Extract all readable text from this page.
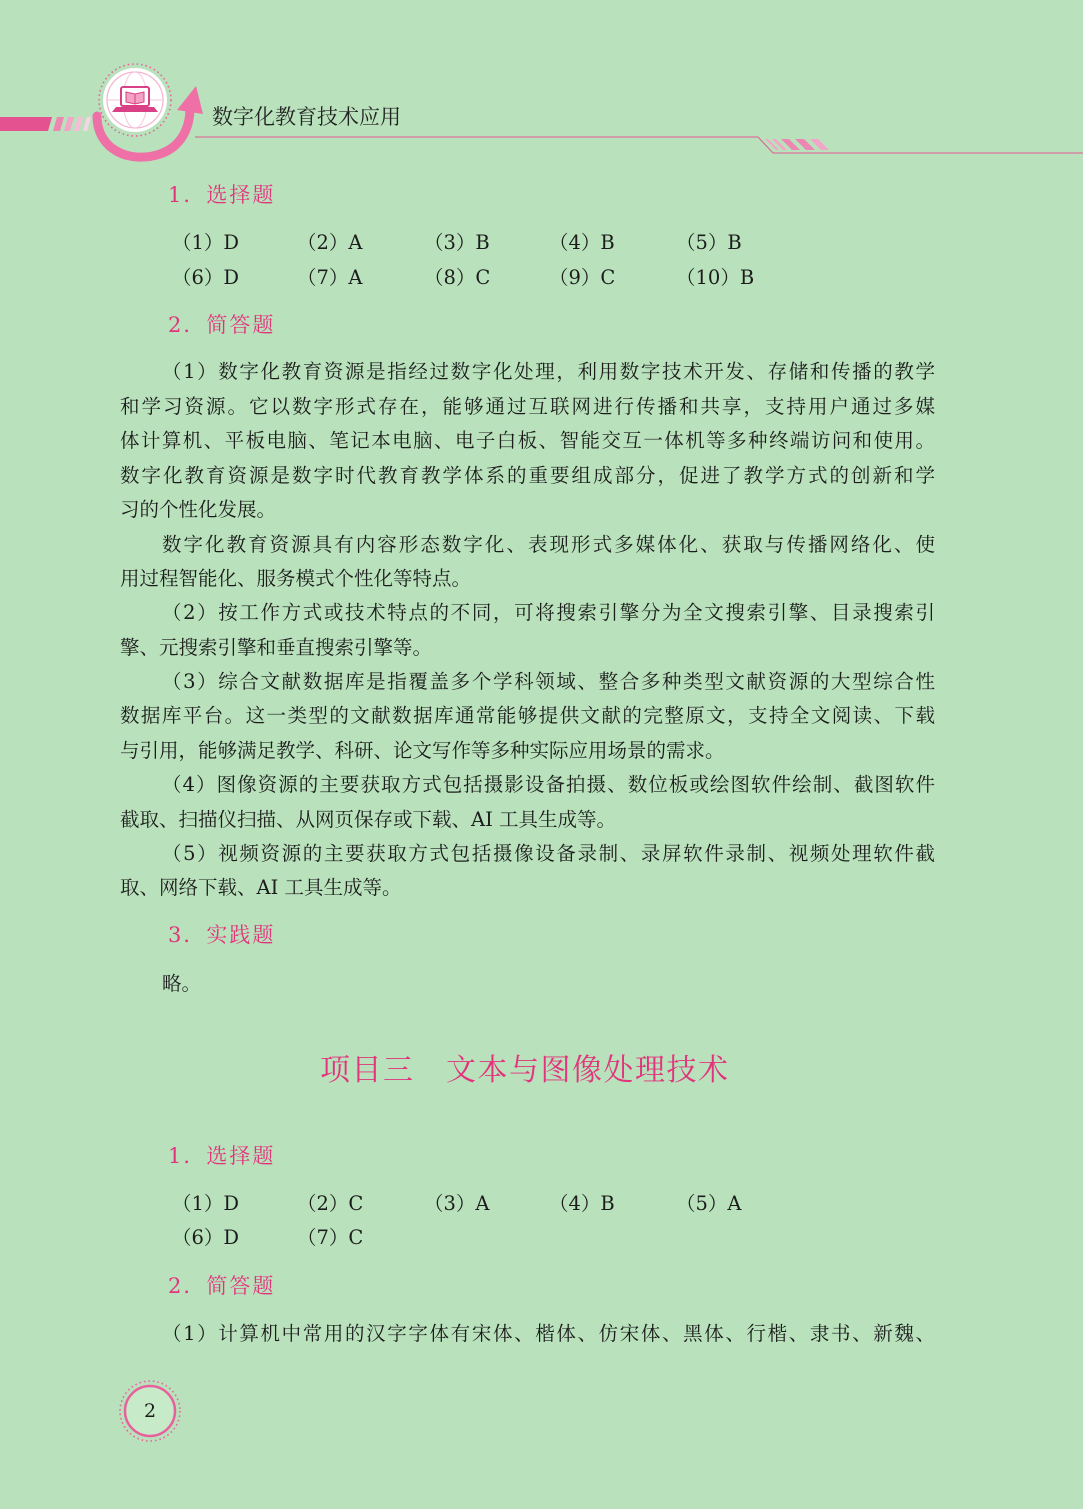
数字化教育技术应用
1．选择题
（1）D	（2）A	（3）B	（4）B	（5）B
（6）D	（7）A	（8）C	（9）C	（10）B
2．简答题
（1）数字化教育资源是指经过数字化处理，利用数字技术开发、存储和传播的教学
和学习资源。它以数字形式存在，能够通过互联网进行传播和共享，支持用户通过多媒
体计算机、平板电脑、笔记本电脑、电子白板、智能交互一体机等多种终端访问和使用。
数字化教育资源是数字时代教育教学体系的重要组成部分，促进了教学方式的创新和学
习的个性化发展。
数字化教育资源具有内容形态数字化、表现形式多媒体化、获取与传播网络化、使
用过程智能化、服务模式个性化等特点。
（2）按工作方式或技术特点的不同，可将搜索引擎分为全文搜索引擎、目录搜索引
擎、元搜索引擎和垂直搜索引擎等。
（3）综合文献数据库是指覆盖多个学科领域、整合多种类型文献资源的大型综合性
数据库平台。这一类型的文献数据库通常能够提供文献的完整原文，支持全文阅读、下载
与引用，能够满足教学、科研、论文写作等多种实际应用场景的需求。
（4）图像资源的主要获取方式包括摄影设备拍摄、数位板或绘图软件绘制、截图软件
截取、扫描仪扫描、从网页保存或下载、AI 工具生成等。
（5）视频资源的主要获取方式包括摄像设备录制、录屏软件录制、视频处理软件截
取、网络下载、AI 工具生成等。
3．实践题
略。
项目三　文本与图像处理技术
1．选择题
（1）D	（2）C	（3）A	（4）B	（5）A
（6）D	（7）C
2．简答题
（1）计算机中常用的汉字字体有宋体、楷体、仿宋体、黑体、行楷、隶书、新魏、
2
